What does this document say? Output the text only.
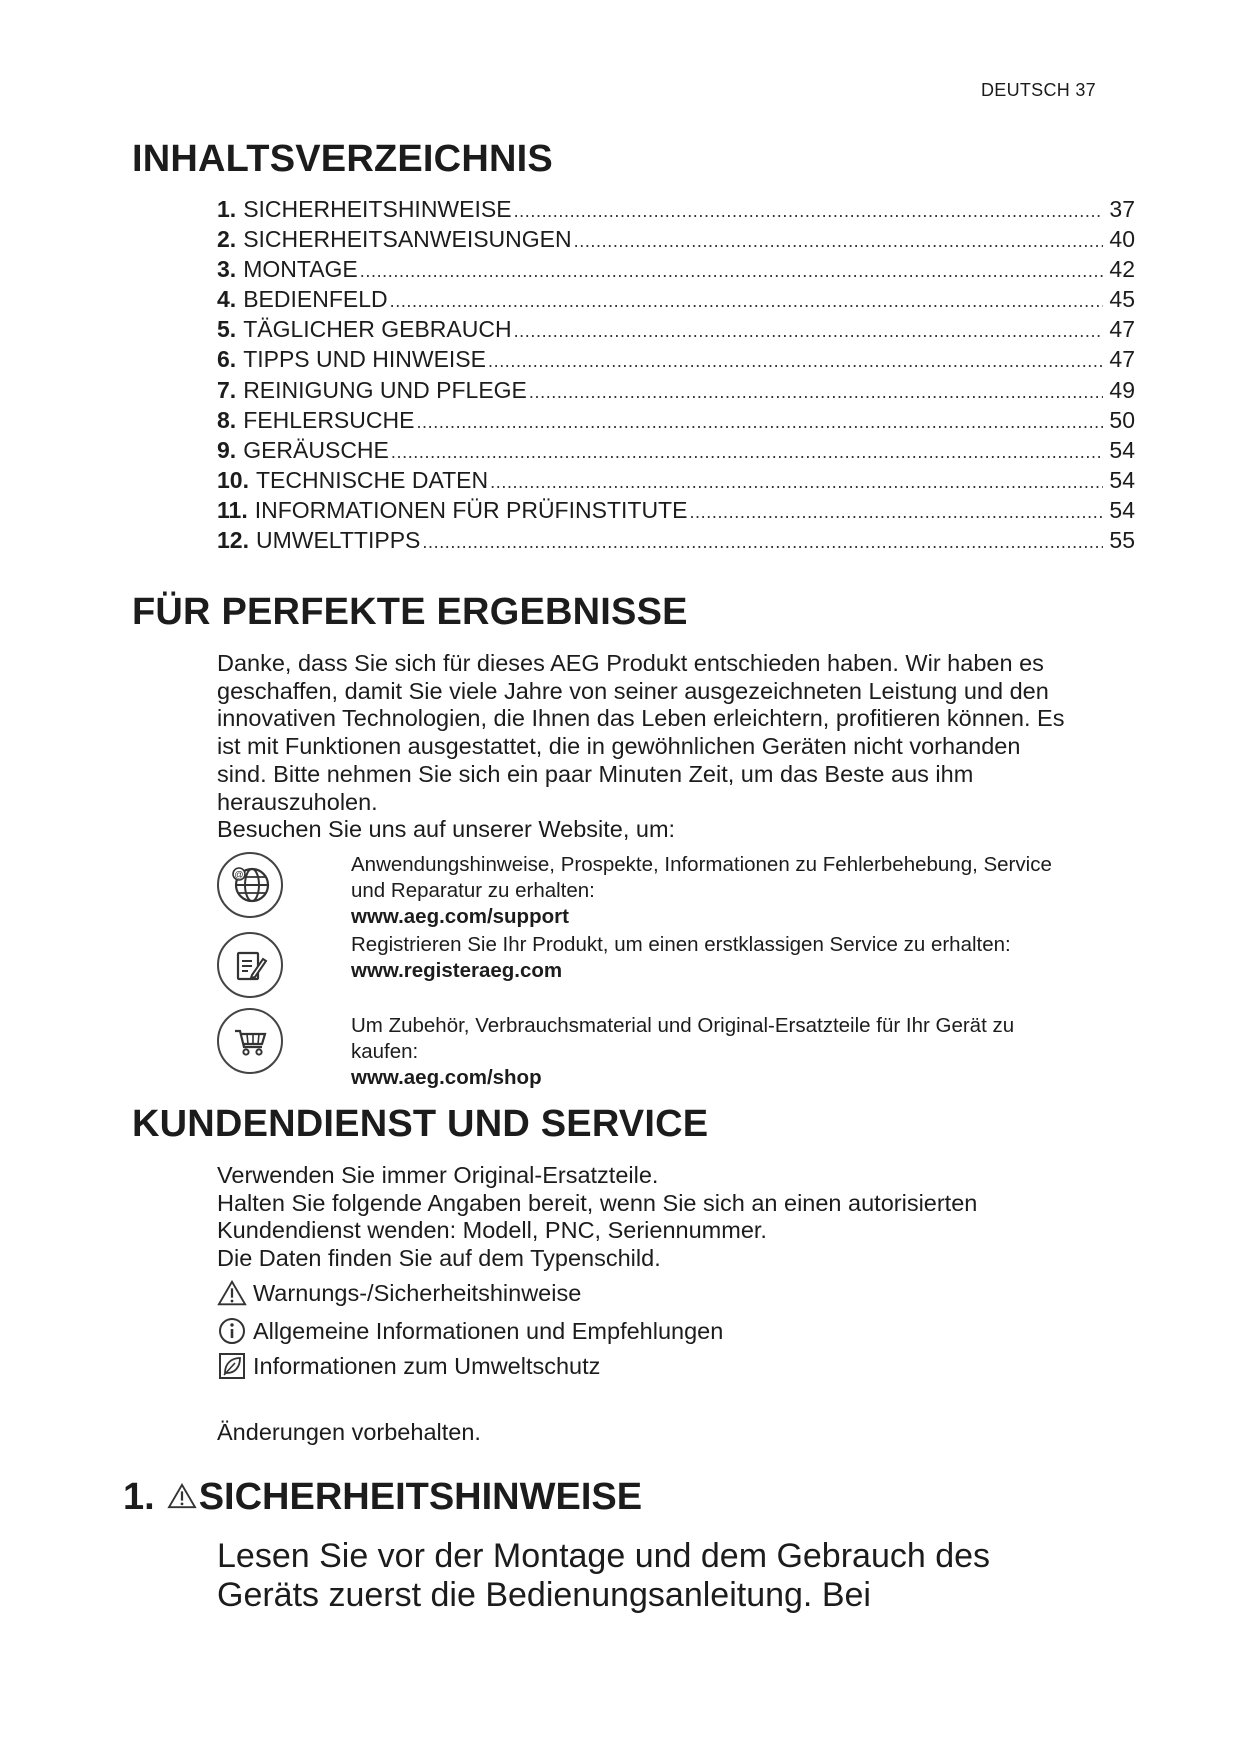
DEUTSCH 37
INHALTSVERZEICHNIS
1. SICHERHEITSHINWEISE .....	37
2. SICHERHEITSANWEISUNGEN .....	40
3. MONTAGE .....	42
4. BEDIENFELD .....	45
5. TÄGLICHER GEBRAUCH .....	47
6. TIPPS UND HINWEISE .....	47
7. REINIGUNG UND PFLEGE .....	49
8. FEHLERSUCHE .....	50
9. GERÄUSCHE .....	54
10. TECHNISCHE DATEN .....	54
11. INFORMATIONEN FÜR PRÜFINSTITUTE .....	54
12. UMWELTTIPPS .....	55
FÜR PERFEKTE ERGEBNISSE
Danke, dass Sie sich für dieses AEG Produkt entschieden haben. Wir haben es
geschaffen, damit Sie viele Jahre von seiner ausgezeichneten Leistung und den
innovativen Technologien, die Ihnen das Leben erleichtern, profitieren können. Es
ist mit Funktionen ausgestattet, die in gewöhnlichen Geräten nicht vorhanden
sind. Bitte nehmen Sie sich ein paar Minuten Zeit, um das Beste aus ihm
herauszuholen.
Besuchen Sie uns auf unserer Website, um:
@	Anwendungshinweise, Prospekte, Informationen zu Fehlerbehebung, Service
und Reparatur zu erhalten:
www.aeg.com/support
Registrieren Sie Ihr Produkt, um einen erstklassigen Service zu erhalten:
www.registeraeg.com
Um Zubehör, Verbrauchsmaterial und Original-Ersatzteile für Ihr Gerät zu
kaufen:
www.aeg.com/shop
KUNDENDIENST UND SERVICE
Verwenden Sie immer Original-Ersatzteile.
Halten Sie folgende Angaben bereit, wenn Sie sich an einen autorisierten
Kundendienst wenden: Modell, PNC, Seriennummer.
Die Daten finden Sie auf dem Typenschild.
Warnungs-/Sicherheitshinweise
Allgemeine Informationen und Empfehlungen
Informationen zum Umweltschutz
Änderungen vorbehalten.
1. SICHERHEITSHINWEISE
Lesen Sie vor der Montage und dem Gebrauch des
Geräts zuerst die Bedienungsanleitung. Bei
